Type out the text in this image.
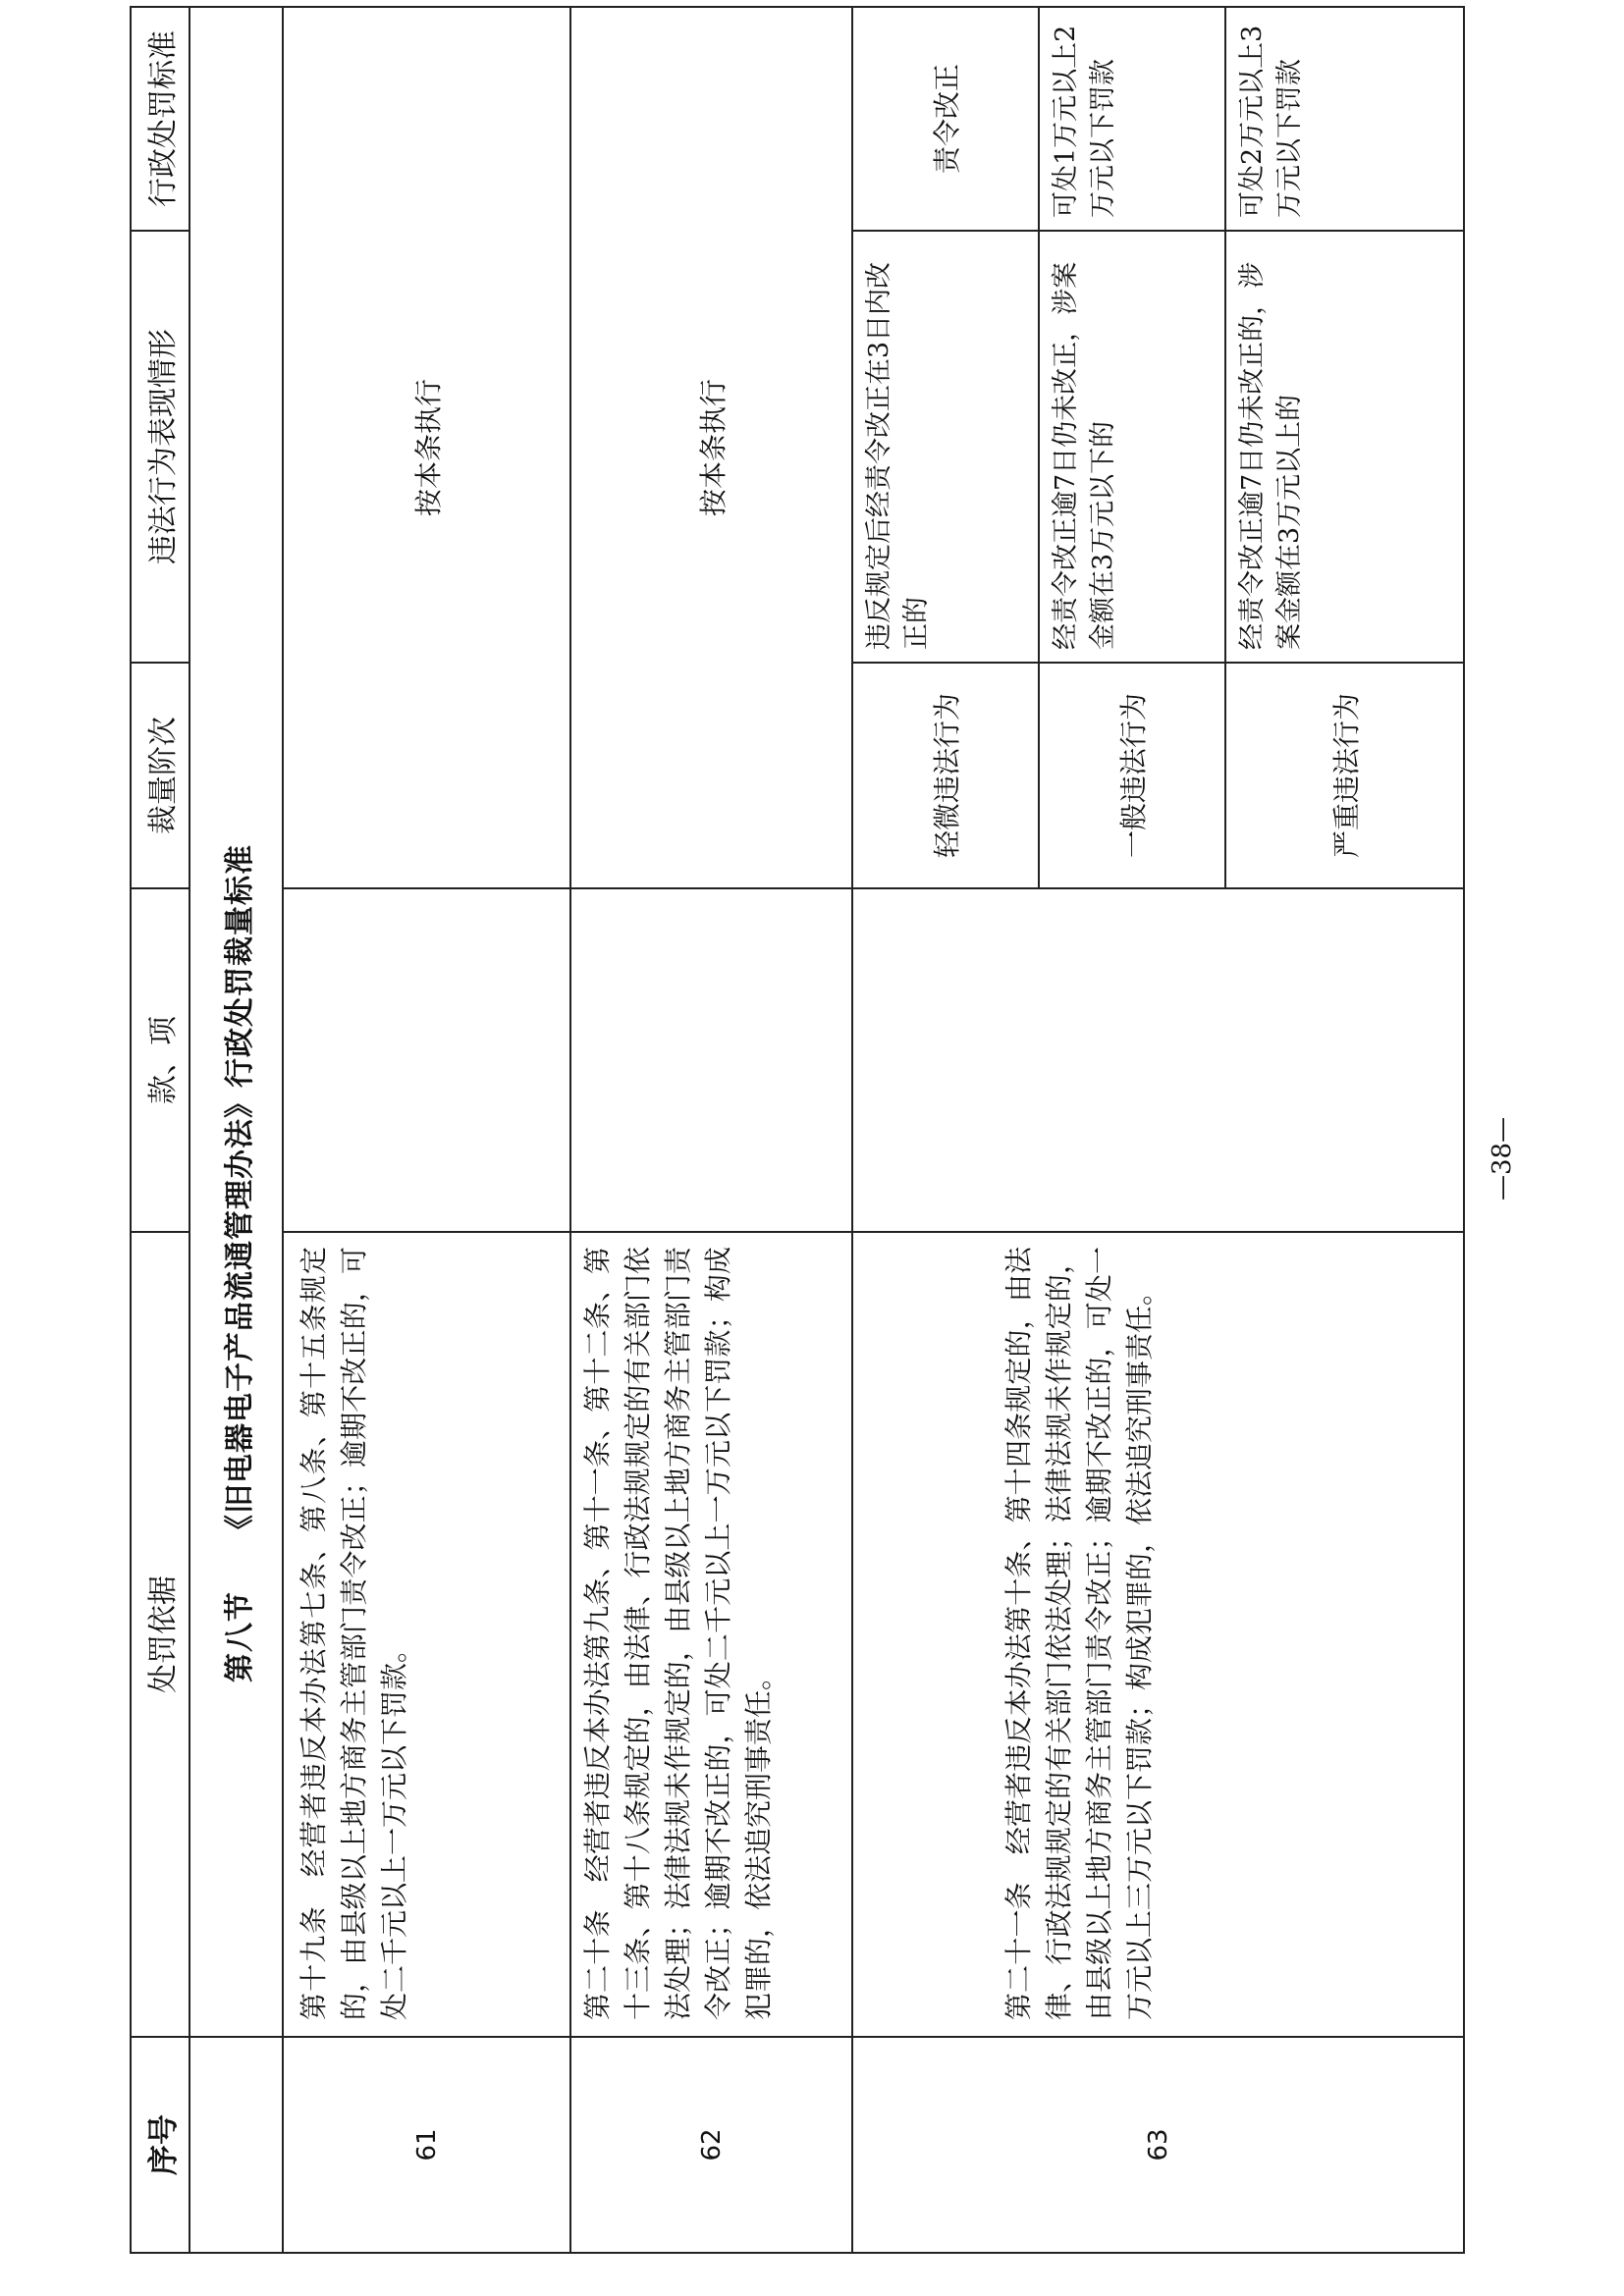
序号
处罚依据
款、项
裁量阶次
违法行为表现情形
行政处罚标准
第八节
《旧电器电子产品流通管理办法》行政处罚裁量标准
61
第十九条　经营者违反本办法第七条、第八条、第十五条规定的，由县级以上地方商务主管部门责令改正；逾期不改正的，可处二千元以上一万元以下罚款。
按本条执行
62
第二十条　经营者违反本办法第九条、第十一条、第十二条、第十三条、第十八条规定的，由法律、行政法规规定的有关部门依法处理；法律法规未作规定的，由县级以上地方商务主管部门责令改正；逾期不改正的，可处二千元以上一万元以下罚款；构成犯罪的，依法追究刑事责任。
按本条执行
63
第二十一条　经营者违反本办法第十条、第十四条规定的，由法律、行政法规规定的有关部门依法处理；法律法规未作规定的，由县级以上地方商务主管部门责令改正；逾期不改正的，可处一万元以上三万元以下罚款；构成犯罪的，依法追究刑事责任。
轻微违法行为
违反规定后经责令改正在3日内改正的
责令改正
一般违法行为
经责令改正逾7日仍未改正，涉案金额在3万元以下的
可处1万元以上2万元以下罚款
严重违法行为
经责令改正逾7日仍未改正的，涉案金额在3万元以上的
可处2万元以上3万元以下罚款
—38—
